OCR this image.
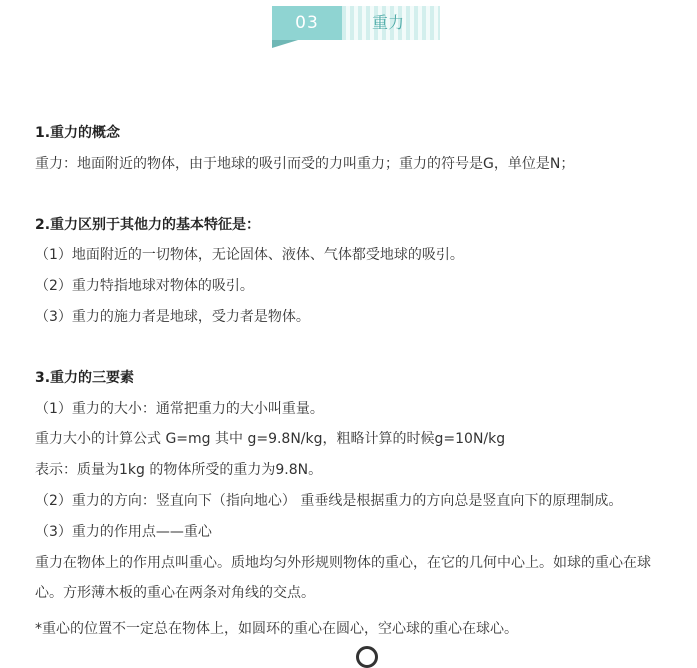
03	重力
1.重力的概念
重力：地面附近的物体，由于地球的吸引而受的力叫重力；重力的符号是G，单位是N；
2.重力区别于其他力的基本特征是：
（1）地面附近的一切物体，无论固体、液体、气体都受地球的吸引。
（2）重力特指地球对物体的吸引。
（3）重力的施力者是地球，受力者是物体。
3.重力的三要素
（1）重力的大小：通常把重力的大小叫重量。
重力大小的计算公式 G=mg 其中 g=9.8N/kg，粗略计算的时候g=10N/kg
表示：质量为1kg 的物体所受的重力为9.8N。
（2）重力的方向：竖直向下（指向地心） 重垂线是根据重力的方向总是竖直向下的原理制成。
（3）重力的作用点——重心
重力在物体上的作用点叫重心。质地均匀外形规则物体的重心，在它的几何中心上。如球的重心在球
心。方形薄木板的重心在两条对角线的交点。
*重心的位置不一定总在物体上，如圆环的重心在圆心，空心球的重心在球心。
